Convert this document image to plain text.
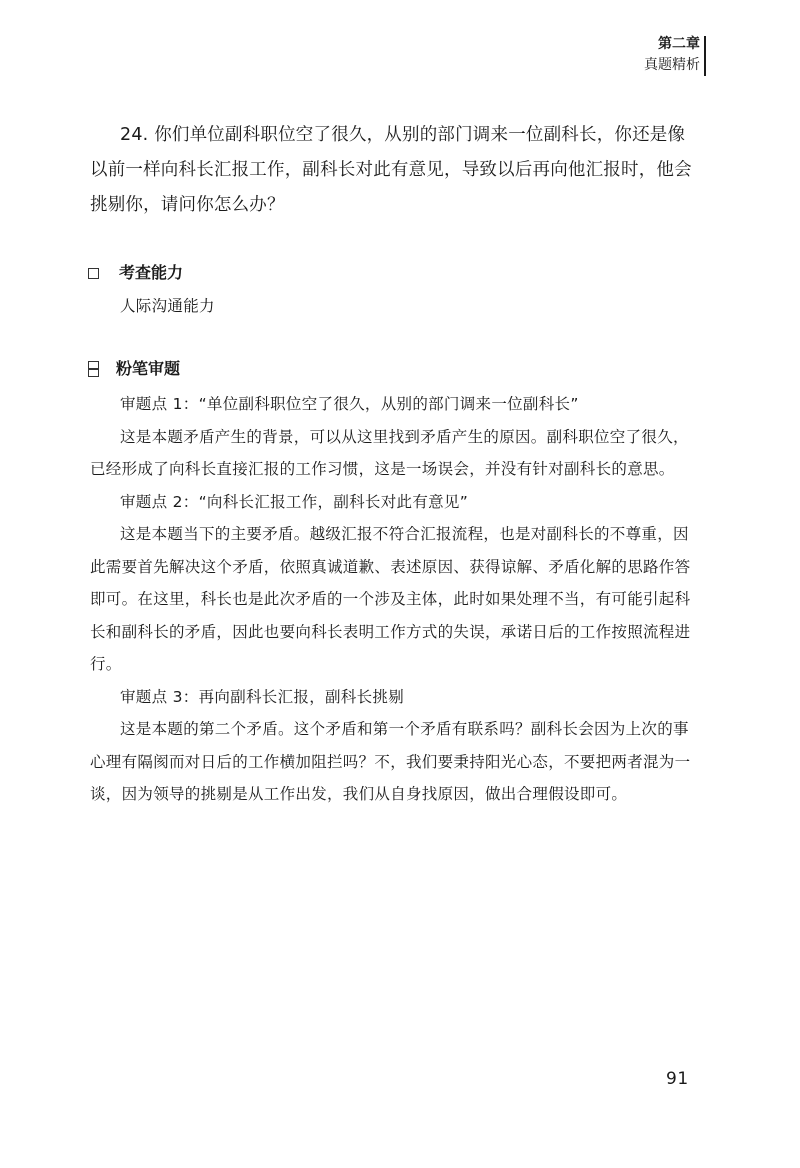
第二章
真题精析

24. 你们单位副科职位空了很久，从别的部门调来一位副科长，你还是像以前一样向科长汇报工作，副科长对此有意见，导致以后再向他汇报时，他会挑剔你，请问你怎么办？

考查能力

人际沟通能力

粉笔审题

审题点 1：“单位副科职位空了很久，从别的部门调来一位副科长”

这是本题矛盾产生的背景，可以从这里找到矛盾产生的原因。副科职位空了很久，已经形成了向科长直接汇报的工作习惯，这是一场误会，并没有针对副科长的意思。

审题点 2：“向科长汇报工作，副科长对此有意见”

这是本题当下的主要矛盾。越级汇报不符合汇报流程，也是对副科长的不尊重，因此需要首先解决这个矛盾，依照真诚道歉、表述原因、获得谅解、矛盾化解的思路作答即可。在这里，科长也是此次矛盾的一个涉及主体，此时如果处理不当，有可能引起科长和副科长的矛盾，因此也要向科长表明工作方式的失误，承诺日后的工作按照流程进行。

审题点 3：再向副科长汇报，副科长挑剔

这是本题的第二个矛盾。这个矛盾和第一个矛盾有联系吗？副科长会因为上次的事心理有隔阂而对日后的工作横加阻拦吗？不，我们要秉持阳光心态，不要把两者混为一谈，因为领导的挑剔是从工作出发，我们从自身找原因，做出合理假设即可。

91
